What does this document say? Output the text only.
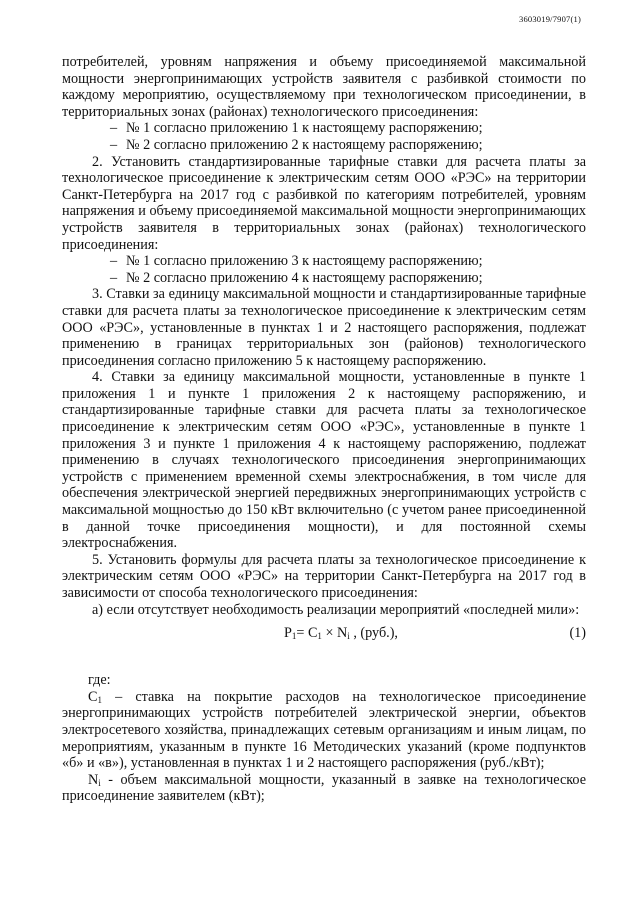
3603019/7907(1)

потребителей, уровням напряжения и объему присоединяемой максимальной мощности энергопринимающих устройств заявителя с разбивкой стоимости по каждому мероприятию, осуществляемому при технологическом присоединении, в территориальных зонах (районах) технологического присоединения:

– № 1 согласно приложению 1 к настоящему распоряжению;

– № 2 согласно приложению 2 к настоящему распоряжению;

2. Установить стандартизированные тарифные ставки для расчета платы за технологическое присоединение к электрическим сетям ООО «РЭС» на территории Санкт-Петербурга на 2017 год с разбивкой по категориям потребителей, уровням напряжения и объему присоединяемой максимальной мощности энергопринимающих устройств заявителя в территориальных зонах (районах) технологического присоединения:

– № 1 согласно приложению 3 к настоящему распоряжению;

– № 2 согласно приложению 4 к настоящему распоряжению;

3. Ставки за единицу максимальной мощности и стандартизированные тарифные ставки для расчета платы за технологическое присоединение к электрическим сетям ООО «РЭС», установленные в пунктах 1 и 2 настоящего распоряжения, подлежат применению в границах территориальных зон (районов) технологического присоединения согласно приложению 5 к настоящему распоряжению.

4. Ставки за единицу максимальной мощности, установленные в пункте 1 приложения 1 и пункте 1 приложения 2 к настоящему распоряжению, и стандартизированные тарифные ставки для расчета платы за технологическое присоединение к электрическим сетям ООО «РЭС», установленные в пункте 1 приложения 3 и пункте 1 приложения 4 к настоящему распоряжению, подлежат применению в случаях технологического присоединения энергопринимающих устройств с применением временной схемы электроснабжения, в том числе для обеспечения электрической энергией передвижных энергопринимающих устройств с максимальной мощностью до 150 кВт включительно (с учетом ранее присоединенной в данной точке присоединения мощности), и для постоянной схемы электроснабжения.

5. Установить формулы для расчета платы за технологическое присоединение к электрическим сетям ООО «РЭС» на территории Санкт-Петербурга на 2017 год в зависимости от способа технологического присоединения:

а) если отсутствует необходимость реализации мероприятий «последней мили»:

$P_1= C_1 \times N_i$ , (руб.),	(1)

где:

$C_1$ – ставка на покрытие расходов на технологическое присоединение энергопринимающих устройств потребителей электрической энергии, объектов электросетевого хозяйства, принадлежащих сетевым организациям и иным лицам, по мероприятиям, указанным в пункте 16 Методических указаний (кроме подпунктов «б» и «в»), установленная в пунктах 1 и 2 настоящего распоряжения (руб./кВт);

$N_i$ - объем максимальной мощности, указанный в заявке на технологическое присоединение заявителем (кВт);
